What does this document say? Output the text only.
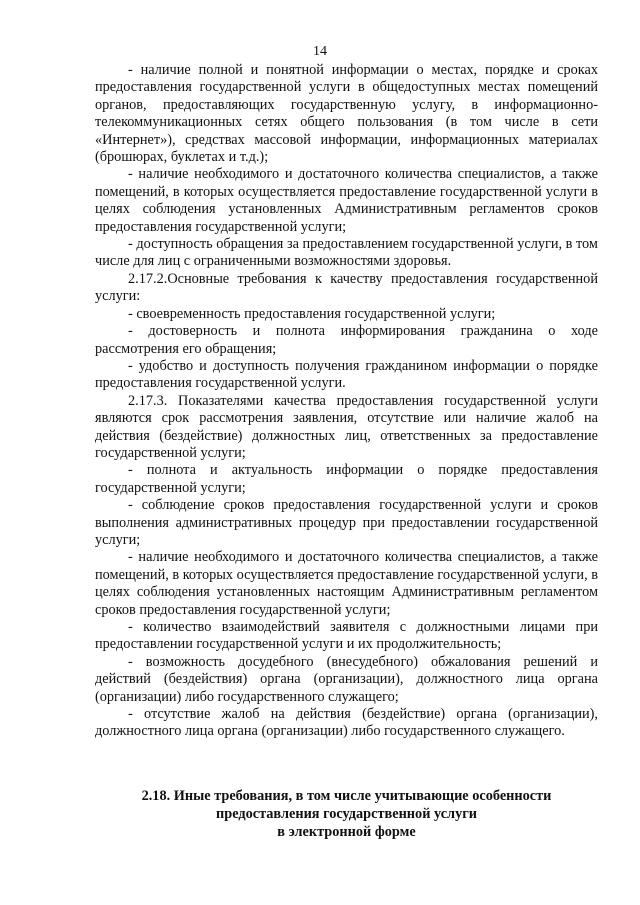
14

- наличие полной и понятной информации о местах, порядке и сроках предоставления государственной услуги в общедоступных местах помещений органов, предоставляющих государственную услугу, в информационно- телекоммуникационных сетях общего пользования (в том числе в сети «Интернет»), средствах массовой информации, информационных материалах (брошюрах, буклетах и т.д.);

- наличие необходимого и достаточного количества специалистов, а также помещений, в которых осуществляется предоставление государственной услуги в целях соблюдения установленных Административным регламентов сроков предоставления государственной услуги;

- доступность обращения за предоставлением государственной услуги, в том числе для лиц с ограниченными возможностями здоровья.

2.17.2.Основные требования к качеству предоставления государственной услуги:

- своевременность предоставления государственной услуги;

- достоверность и полнота информирования гражданина о ходе рассмотрения его обращения;

- удобство и доступность получения гражданином информации о порядке предоставления государственной услуги.

2.17.3. Показателями качества предоставления государственной услуги являются срок рассмотрения заявления, отсутствие или наличие жалоб на действия (бездействие) должностных лиц, ответственных за предоставление государственной услуги;

- полнота и актуальность информации о порядке предоставления государственной услуги;

- соблюдение сроков предоставления государственной услуги и сроков выполнения административных процедур при предоставлении государственной услуги;

- наличие необходимого и достаточного количества специалистов, а также помещений, в которых осуществляется предоставление государственной услуги, в целях соблюдения установленных настоящим Административным регламентом сроков предоставления государственной услуги;

- количество взаимодействий заявителя с должностными лицами при предоставлении государственной услуги и их продолжительность;

- возможность досудебного (внесудебного) обжалования решений и действий (бездействия) органа (организации), должностного лица органа (организации) либо государственного служащего;

- отсутствие жалоб на действия (бездействие) органа (организации), должностного лица органа (организации) либо государственного служащего.

2.18. Иные требования, в том числе учитывающие особенности
предоставления государственной услуги
в электронной форме
